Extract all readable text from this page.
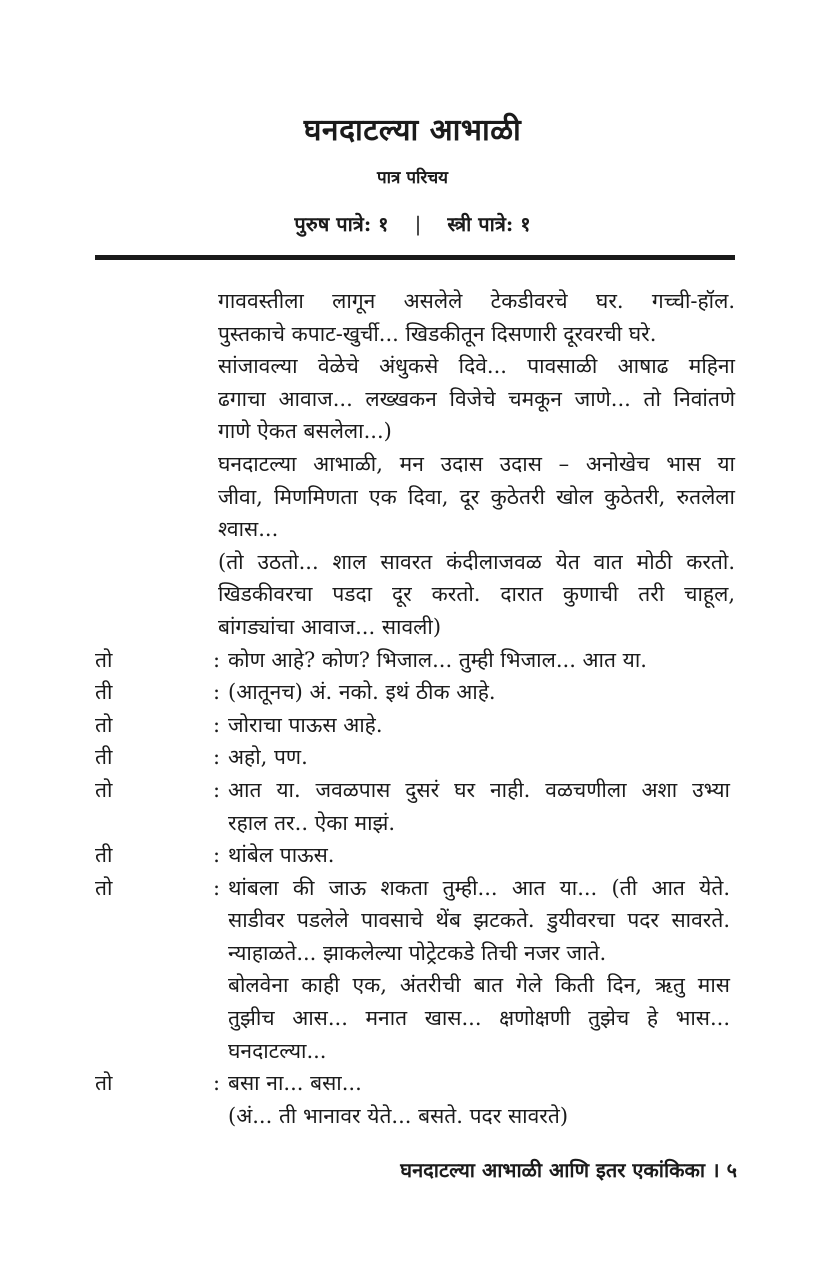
घनदाटल्या आभाळी
पात्र परिचय
पुरुष पात्रे: १ | स्त्री पात्रे: १
गाववस्तीला लागून असलेले टेकडीवरचे घर. गच्ची-हॉल.
पुस्तकाचे कपाट-खुर्ची... खिडकीतून दिसणारी दूरवरची घरे.
सांजावल्या वेळेचे अंधुकसे दिवे... पावसाळी आषाढ महिना
ढगाचा आवाज... लख्खकन विजेचे चमकून जाणे... तो निवांतणे
गाणे ऐकत बसलेला...)
घनदाटल्या आभाळी, मन उदास उदास – अनोखेच भास या
जीवा, मिणमिणता एक दिवा, दूर कुठेतरी खोल कुठेतरी, रुतलेला
श्वास...
(तो उठतो... शाल सावरत कंदीलाजवळ येत वात मोठी करतो.
खिडकीवरचा पडदा दूर करतो. दारात कुणाची तरी चाहूल,
बांगड्यांचा आवाज... सावली)
तो	: कोण आहे? कोण? भिजाल... तुम्ही भिजाल... आत या.
ती	: (आतूनच) अं. नको. इथं ठीक आहे.
तो	: जोराचा पाऊस आहे.
ती	: अहो, पण.
तो	: आत या. जवळपास दुसरं घर नाही. वळचणीला अशा उभ्या
रहाल तर.. ऐका माझं.
ती	: थांबेल पाऊस.
तो	: थांबला की जाऊ शकता तुम्ही... आत या... (ती आत येते.
साडीवर पडलेले पावसाचे थेंब झटकते. डुयीवरचा पदर सावरते.
न्याहाळते... झाकलेल्या पोट्रेटकडे तिची नजर जाते.
बोलवेना काही एक, अंतरीची बात गेले किती दिन, ऋतु मास
तुझीच आस... मनात खास... क्षणोक्षणी तुझेच हे भास...
घनदाटल्या...
तो	: बसा ना... बसा...
(अं... ती भानावर येते... बसते. पदर सावरते)
घनदाटल्या आभाळी आणि इतर एकांकिका । ५
